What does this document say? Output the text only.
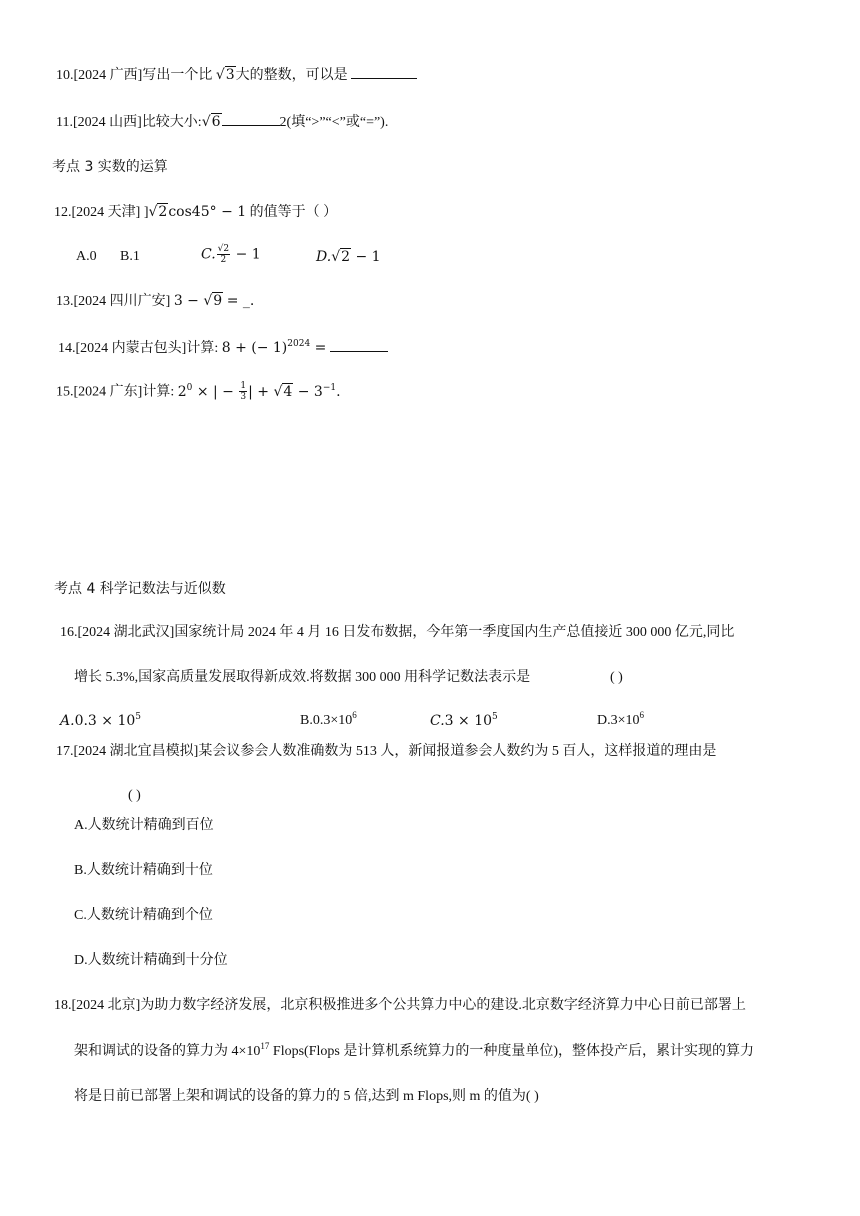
10.[2024 广西]写出一个比 √3大的整数，可以是
11.[2024 山西]比较大小:√6	2(填“>”“<”或“=”).
考点 3 实数的运算
12.[2024 天津] ]√2cos45° − 1 的值等于（ ）
A.0 B.1	C. $\frac{√2}{2} - 1$	D.√2 − 1
13.[2024 四川广安] 3 − √9 = _.
14.[2024 内蒙古包头]计算: 8 + (− 1)$^{2024}$ =
15.[2024 广东]计算: $2^0$ × | − $\frac{1}{3}$ | + $√4 - 3^{-1}$.
考点 4 科学记数法与近似数
16.[2024 湖北武汉]国家统计局 2024 年 4 月 16 日发布数据，今年第一季度国内生产总值接近 300 000 亿元,同比
增长 5.3%,国家高质量发展取得新成效.将数据 300 000 用科学记数法表示是	( )
$A.0.3 \times 10^5$	$B.0.3\times 10^6$	$C.3 \times 10^5$	$D.3\times 10^6$
17.[2024 湖北宜昌模拟]某会议参会人数准确数为 513 人，新闻报道参会人数约为 5 百人，这样报道的理由是
( )
A.人数统计精确到百位
B.人数统计精确到十位
C.人数统计精确到个位
D.人数统计精确到十分位
18.[2024 北京]为助力数字经济发展，北京积极推进多个公共算力中心的建设.北京数字经济算力中心日前已部署上
架和调试的设备的算力为 $4\times 10^{17}$ Flops(Flops 是计算机系统算力的一种度量单位)，整体投产后，累计实现的算力
将是日前已部署上架和调试的设备的算力的 5 倍,达到 m Flops,则 m 的值为( )
